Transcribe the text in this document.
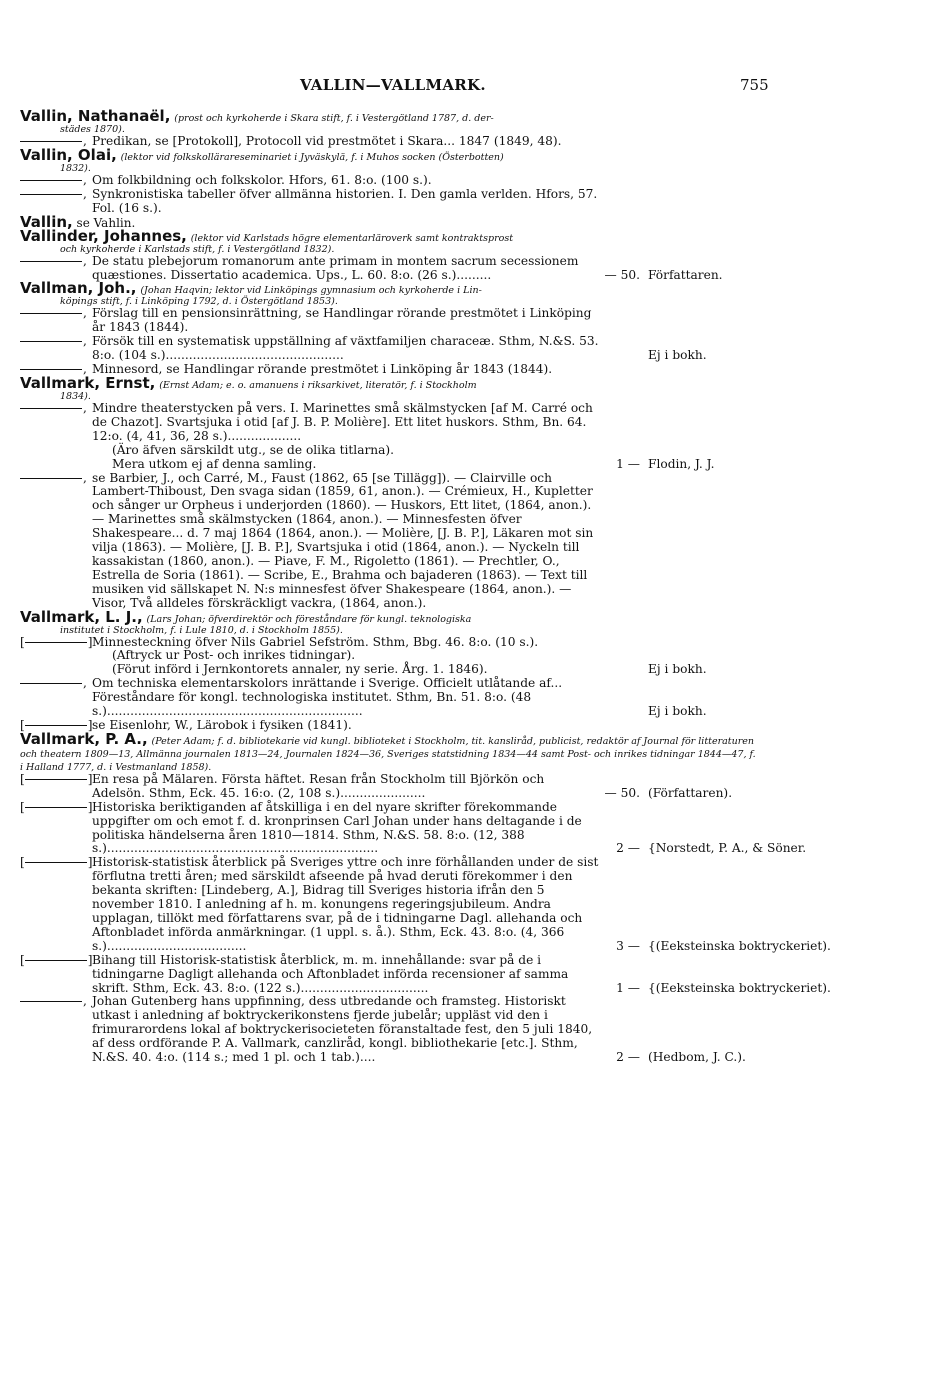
VALLIN—VALLMARK.	755
Vallin, Nathanaël, (prost och kyrkoherde i Skara stift, f. i Vestergötland 1787, d. der-
städes 1870).
,
Predikan, se [Protokoll], Protocoll vid prestmötet i Skara... 1847 (1849, 48).
Vallin, Olai, (lektor vid folkskollärareseminariet i Jyväskylä, f. i Muhos socken (Österbotten)
1832).
,
Om folkbildning och folkskolor. Hfors, 61. 8:o. (100 s.).
,
Synkronistiska tabeller öfver allmänna historien. I. Den gamla verlden. Hfors, 57. Fol. (16 s.).
Vallin, se Vahlin.
Vallinder, Johannes, (lektor vid Karlstads högre elementarläroverk samt kontraktsprost
och kyrkoherde i Karlstads stift, f. i Vestergötland 1832).
,
De statu plebejorum romanorum ante primam in montem sacrum secessionem quæstiones. Dissertatio academica. Ups., L. 60. 8:o. (26 s.).........	— 50. Författaren.
Vallman, Joh., (Johan Haqvin; lektor vid Linköpings gymnasium och kyrkoherde i Lin-
köpings stift, f. i Linköping 1792, d. i Östergötland 1853).
,
Förslag till en pensionsinrättning, se Handlingar rörande prestmötet i Linköping år 1843 (1844).
,
Försök till en systematisk uppställning af växtfamiljen characeæ. Sthm, N.&S. 53. 8:o. (104 s.)..............................................	Ej i bokh.
,
Minnesord, se Handlingar rörande prestmötet i Linköping år 1843 (1844).
Vallmark, Ernst, (Ernst Adam; e. o. amanuens i riksarkivet, literatör, f. i Stockholm
1834).
,
Mindre theaterstycken på vers. I. Marinettes små skälmstycken [af M. Carré och de Chazot]. Svartsjuka i otid [af J. B. P. Molière]. Ett litet huskors. Sthm, Bn. 64. 12:o. (4, 41, 36, 28 s.)...................
(Äro äfven särskildt utg., se de olika titlarna).
Mera utkom ej af denna samling.	1 — Flodin, J. J.
,
se Barbier, J., och Carré, M., Faust (1862, 65 [se Tillägg]). — Clairville och Lambert-Thiboust, Den svaga sidan (1859, 61, anon.). — Crémieux, H., Kupletter och sånger ur Orpheus i underjorden (1860). — Huskors, Ett litet, (1864, anon.). — Marinettes små skälmstycken (1864, anon.). — Minnesfesten öfver Shakespeare... d. 7 maj 1864 (1864, anon.). — Molière, [J. B. P.], Läkaren mot sin vilja (1863). — Molière, [J. B. P.], Svartsjuka i otid (1864, anon.). — Nyckeln till kassakistan (1860, anon.). — Piave, F. M., Rigoletto (1861). — Prechtler, O., Estrella de Soria (1861). — Scribe, E., Brahma och bajaderen (1863). — Text till musiken vid sällskapet N. N:s minnesfest öfver Shakespeare (1864, anon.). — Visor, Två alldeles förskräckligt vackra, (1864, anon.).
Vallmark, L. J., (Lars Johan; öfverdirektör och föreståndare för kungl. teknologiska
institutet i Stockholm, f. i Lule 1810, d. i Stockholm 1855).
[  ]
Minnesteckning öfver Nils Gabriel Sefström. Sthm, Bbg. 46. 8:o. (10 s.).
(Aftryck ur Post- och inrikes tidningar).
(Förut införd i Jernkontorets annaler, ny serie. Årg. 1. 1846).	Ej i bokh.
,
Om techniska elementarskolors inrättande i Sverige. Officielt utlåtande af... Föreståndare för kongl. technologiska institutet. Sthm, Bn. 51. 8:o. (48 s.)..................................................................	Ej i bokh.
[  ]
se Eisenlohr, W., Lärobok i fysiken (1841).
Vallmark, P. A., (Peter Adam; f. d. bibliotekarie vid kungl. biblioteket i Stockholm, tit. kansliråd, publicist, redaktör af Journal för litteraturen och theatern 1809—13, Allmänna journalen 1813—24, Journalen 1824—36, Sveriges statstidning 1834—44 samt Post- och inrikes tidningar 1844—47, f. i Halland 1777, d. i Vestmanland 1858).
[  ]
En resa på Mälaren. Första häftet. Resan från Stockholm till Björkön och Adelsön. Sthm, Eck. 45. 16:o. (2, 108 s.)......................	— 50. (Författaren).
[  ]
Historiska beriktiganden af åtskilliga i en del nyare skrifter förekommande uppgifter om och emot f. d. kronprinsen Carl Johan under hans deltagande i de politiska händelserna åren 1810—1814. Sthm, N.&S. 58. 8:o. (12, 388 s.)......................................................................	2 — {Norstedt, P. A., & Söner.
[  ]
Historisk-statistisk återblick på Sveriges yttre och inre förhållanden under de sist förflutna tretti åren; med särskildt afseende på hvad deruti förekommer i den bekanta skriften: [Lindeberg, A.], Bidrag till Sveriges historia ifrån den 5 november 1810. I anledning af h. m. konungens regeringsjubileum. Andra upplagan, tillökt med författarens svar, på de i tidningarne Dagl. allehanda och Aftonbladet införda anmärkningar. (1 uppl. s. å.). Sthm, Eck. 43. 8:o. (4, 366 s.)....................................	3 — {(Eeksteinska boktryckeriet).
[  ]
Bihang till Historisk-statistisk återblick, m. m. innehållande: svar på de i tidningarne Dagligt allehanda och Aftonbladet införda recensioner af samma skrift. Sthm, Eck. 43. 8:o. (122 s.).................................	1 — {(Eeksteinska boktryckeriet).
,
Johan Gutenberg hans uppfinning, dess utbredande och framsteg. Historiskt utkast i anledning af boktryckerikonstens fjerde jubelår; uppläst vid den i frimurarordens lokal af boktryckerisocieteten föranstaltade fest, den 5 juli 1840, af dess ordförande P. A. Vallmark, canzliråd, kongl. bibliothekarie [etc.]. Sthm, N.&S. 40. 4:o. (114 s.; med 1 pl. och 1 tab.)....	2 — (Hedbom, J. C.).
